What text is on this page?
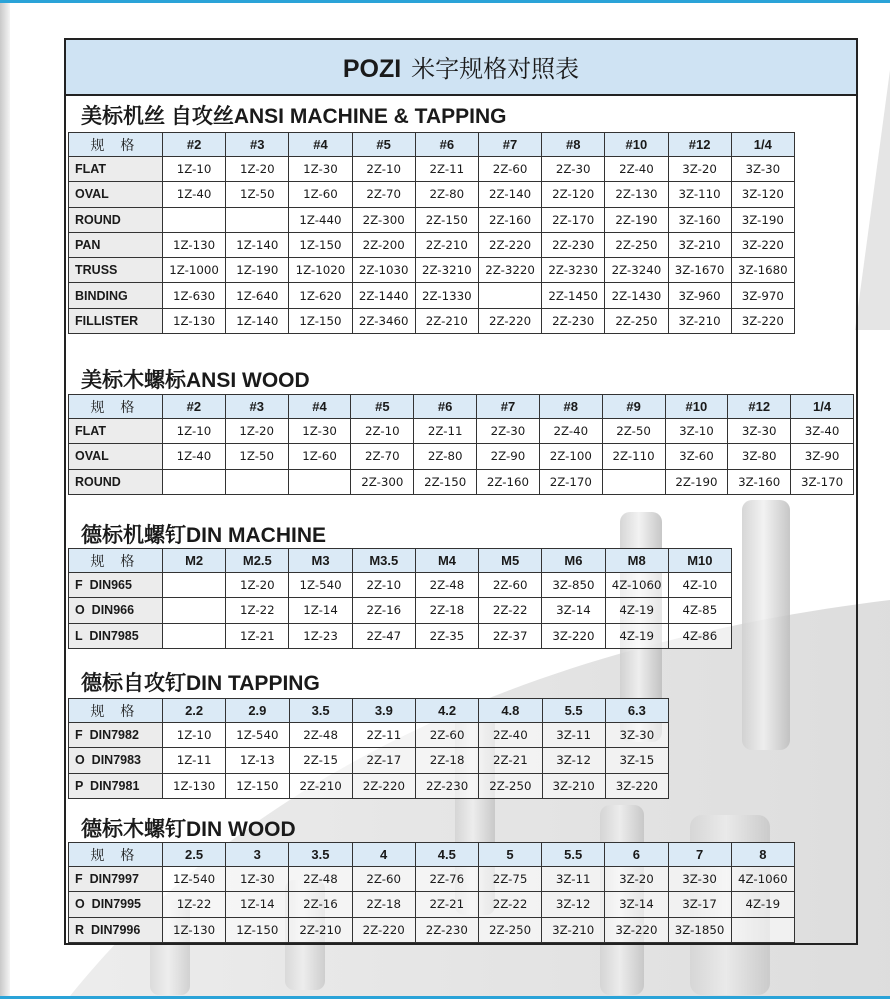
POZI 米字规格对照表
美标机丝 自攻丝ANSI MACHINE & TAPPING
规 格	#2	#3	#4	#5	#6	#7	#8	#10	#12	1/4
FLAT	1Z-10	1Z-20	1Z-30	2Z-10	2Z-11	2Z-60	2Z-30	2Z-40	3Z-20	3Z-30
OVAL	1Z-40	1Z-50	1Z-60	2Z-70	2Z-80	2Z-140	2Z-120	2Z-130	3Z-110	3Z-120
ROUND			1Z-440	2Z-300	2Z-150	2Z-160	2Z-170	2Z-190	3Z-160	3Z-190
PAN	1Z-130	1Z-140	1Z-150	2Z-200	2Z-210	2Z-220	2Z-230	2Z-250	3Z-210	3Z-220
TRUSS	1Z-1000	1Z-190	1Z-1020	2Z-1030	2Z-3210	2Z-3220	2Z-3230	2Z-3240	3Z-1670	3Z-1680
BINDING	1Z-630	1Z-640	1Z-620	2Z-1440	2Z-1330		2Z-1450	2Z-1430	3Z-960	3Z-970
FILLISTER	1Z-130	1Z-140	1Z-150	2Z-3460	2Z-210	2Z-220	2Z-230	2Z-250	3Z-210	3Z-220
美标木螺标ANSI WOOD
规 格	#2	#3	#4	#5	#6	#7	#8	#9	#10	#12	1/4
FLAT	1Z-10	1Z-20	1Z-30	2Z-10	2Z-11	2Z-30	2Z-40	2Z-50	3Z-10	3Z-30	3Z-40
OVAL	1Z-40	1Z-50	1Z-60	2Z-70	2Z-80	2Z-90	2Z-100	2Z-110	3Z-60	3Z-80	3Z-90
ROUND				2Z-300	2Z-150	2Z-160	2Z-170		2Z-190	3Z-160	3Z-170
德标机螺钉DIN MACHINE
规 格	M2	M2.5	M3	M3.5	M4	M5	M6	M8	M10
F  DIN965		1Z-20	1Z-540	2Z-10	2Z-48	2Z-60	3Z-850	4Z-1060	4Z-10
O  DIN966		1Z-22	1Z-14	2Z-16	2Z-18	2Z-22	3Z-14	4Z-19	4Z-85
L  DIN7985		1Z-21	1Z-23	2Z-47	2Z-35	2Z-37	3Z-220	4Z-19	4Z-86
德标自攻钉DIN TAPPING
规 格	2.2	2.9	3.5	3.9	4.2	4.8	5.5	6.3
F  DIN7982	1Z-10	1Z-540	2Z-48	2Z-11	2Z-60	2Z-40	3Z-11	3Z-30
O  DIN7983	1Z-11	1Z-13	2Z-15	2Z-17	2Z-18	2Z-21	3Z-12	3Z-15
P  DIN7981	1Z-130	1Z-150	2Z-210	2Z-220	2Z-230	2Z-250	3Z-210	3Z-220
德标木螺钉DIN WOOD
规 格	2.5	3	3.5	4	4.5	5	5.5	6	7	8
F  DIN7997	1Z-540	1Z-30	2Z-48	2Z-60	2Z-76	2Z-75	3Z-11	3Z-20	3Z-30	4Z-1060
O  DIN7995	1Z-22	1Z-14	2Z-16	2Z-18	2Z-21	2Z-22	3Z-12	3Z-14	3Z-17	4Z-19
R  DIN7996	1Z-130	1Z-150	2Z-210	2Z-220	2Z-230	2Z-250	3Z-210	3Z-220	3Z-1850	
